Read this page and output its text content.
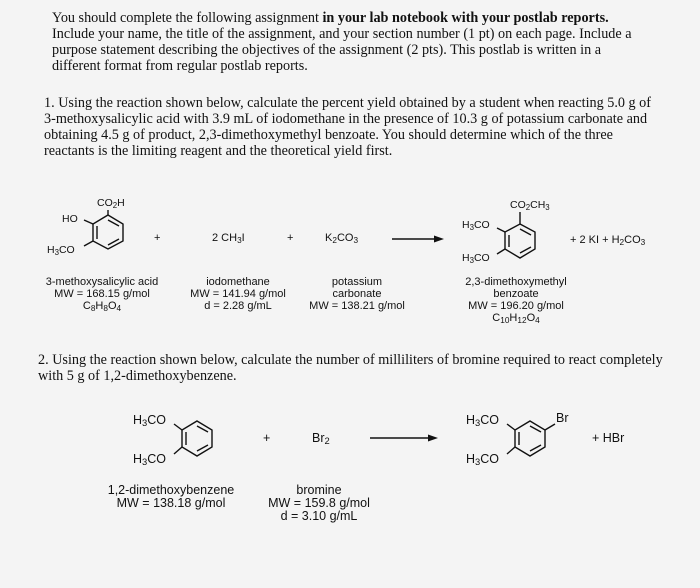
You should complete the following assignment in your lab notebook with your postlab reports. Include your name, the title of the assignment, and your section number (1 pt) on each page. Include a purpose statement describing the objectives of the assignment (2 pts). This postlab is written in a different format from regular postlab reports.
1. Using the reaction shown below, calculate the percent yield obtained by a student when reacting 5.0 g of 3-methoxysalicylic acid with 3.9 mL of iodomethane in the presence of 10.3 g of potassium carbonate and obtaining 4.5 g of product, 2,3-dimethoxymethyl benzoate. You should determine which of the three reactants is the limiting reagent and the theoretical yield first.
$CO_2H$
HO
$H_3CO$
3-methoxysalicylic acid
MW = 168.15 g/mol
$C_8H_8O_4$
+	2 $CH_3I$
iodomethane
MW = 141.94 g/mol
d = 2.28 g/mL
+	$K_2CO_3$
potassium
carbonate
MW = 138.21 g/mol
$CO_2CH_3$
$H_3CO$
$H_3CO$
+ 2 KI + $H_2CO_3$
2,3-dimethoxymethyl
benzoate
MW = 196.20 g/mol
$C_{10}H_{12}O_4$
2. Using the reaction shown below, calculate the number of milliliters of bromine required to react completely with 5 g of 1,2-dimethoxybenzene.
$H_3CO$
$H_3CO$
1,2-dimethoxybenzene
MW = 138.18 g/mol
+	$Br_2$
bromine
MW = 159.8 g/mol
d = 3.10 g/mL
$H_3CO$
$H_3CO$
Br
+ HBr
